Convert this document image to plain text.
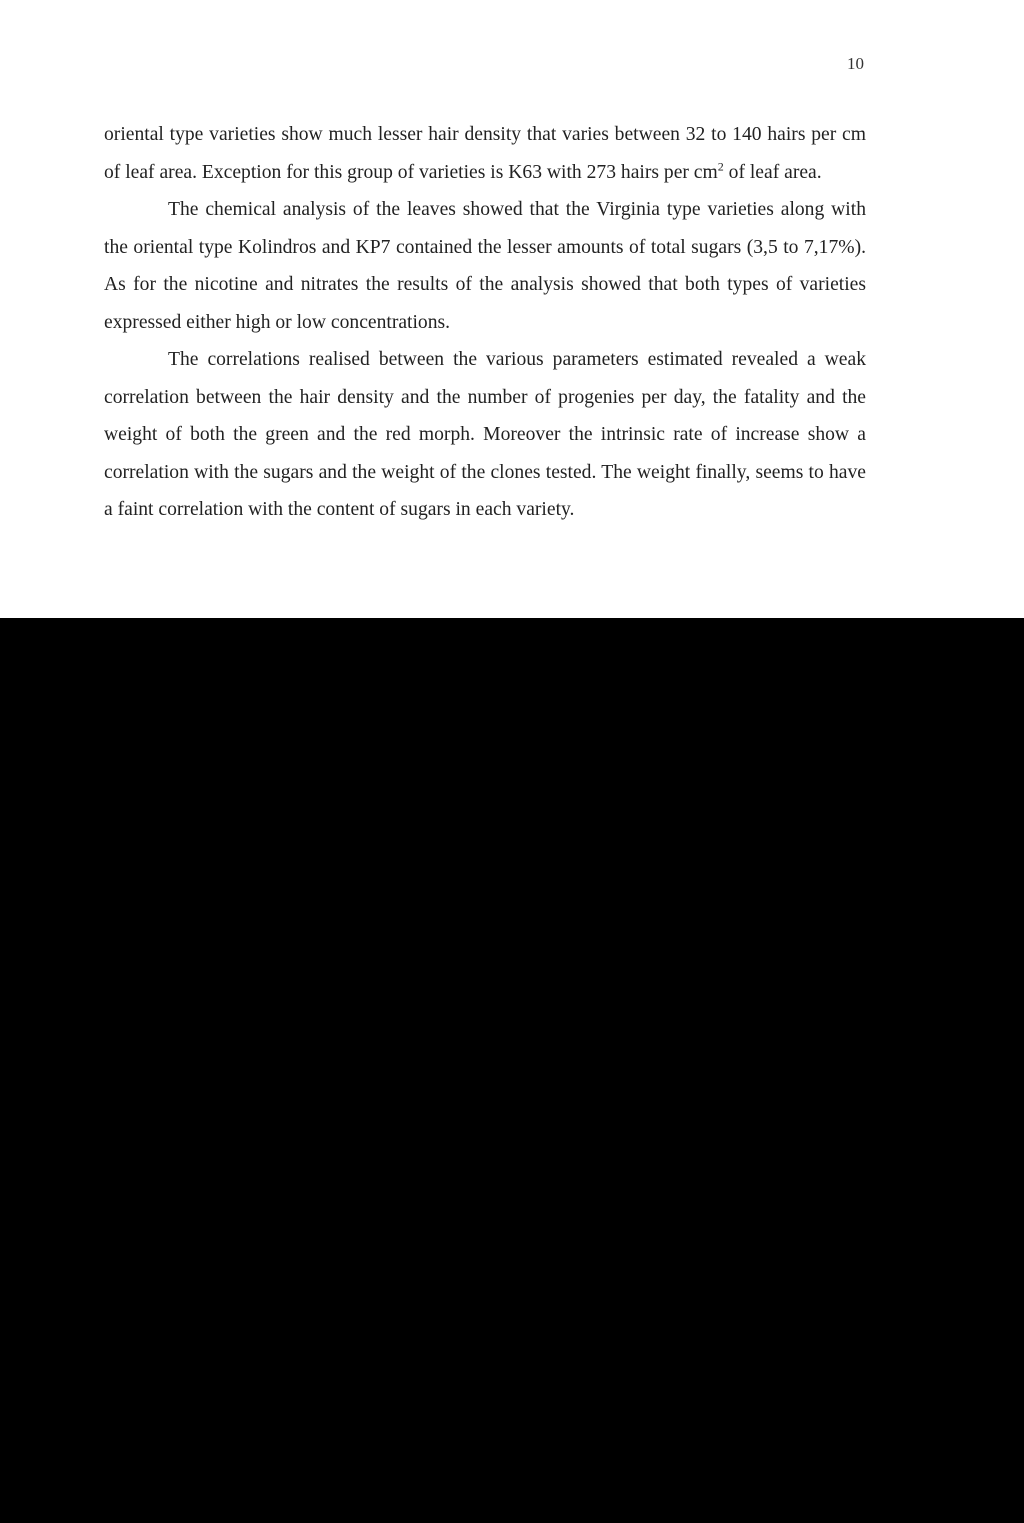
10

oriental type varieties show much lesser hair density that varies between 32 to 140 hairs per cm of leaf area. Exception for this group of varieties is K63 with 273 hairs per $cm^2$ of leaf area.

The chemical analysis of the leaves showed that the Virginia type varieties along with the oriental type Kolindros and KP7 contained the lesser amounts of total sugars (3,5 to 7,17%). As for the nicotine and nitrates the results of the analysis showed that both types of varieties expressed either high or low concentrations.

The correlations realised between the various parameters estimated revealed a weak correlation between the hair density and the number of progenies per day, the fatality and the weight of both the green and the red morph. Moreover the intrinsic rate of increase show a correlation with the sugars and the weight of the clones tested. The weight finally, seems to have a faint correlation with the content of sugars in each variety.
